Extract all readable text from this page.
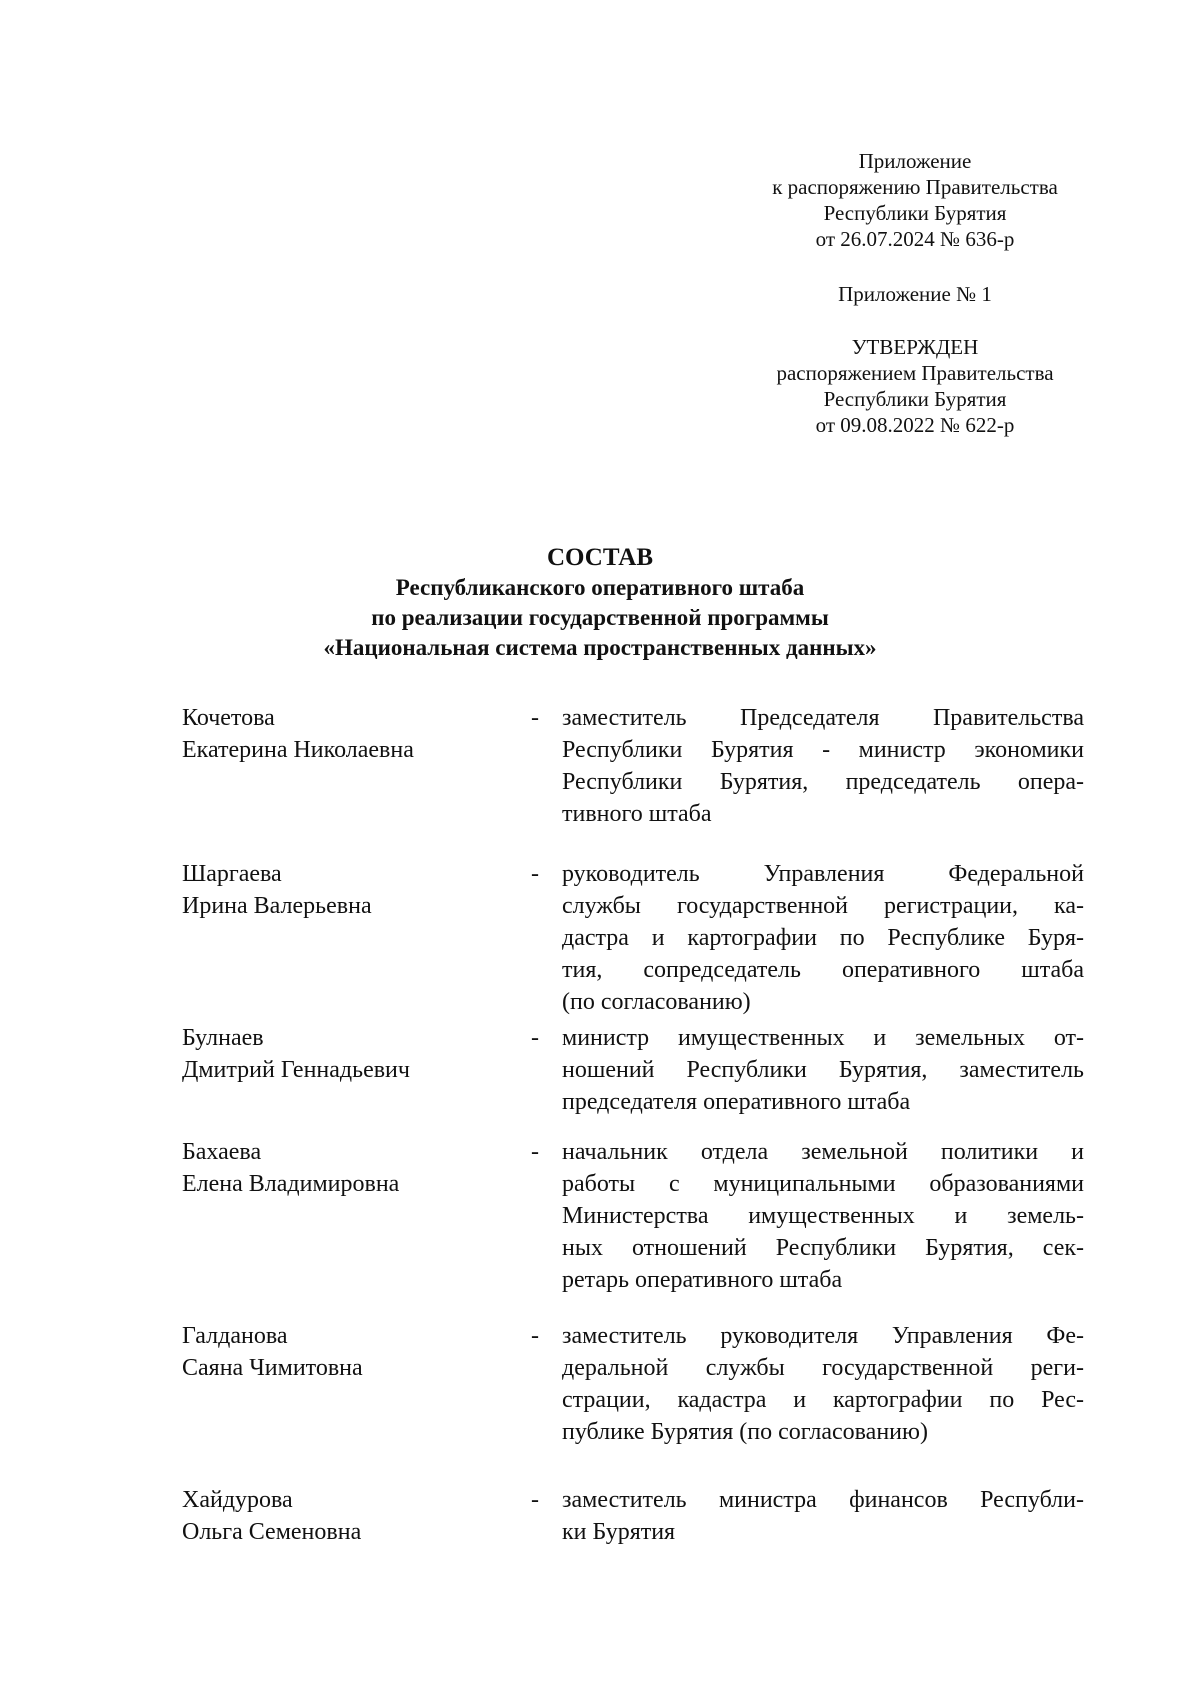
Приложение
к распоряжению Правительства
Республики Бурятия
от 26.07.2024 № 636-р
Приложение № 1
УТВЕРЖДЕН
распоряжением Правительства
Республики Бурятия
от 09.08.2022 № 622-р
СОСТАВ
Республиканского оперативного штаба
по реализации государственной программы
«Национальная система пространственных данных»
Кочетова
Екатерина Николаевна
- заместитель Председателя Правительства
Республики Бурятия - министр экономики
Республики Бурятия, председатель опера-
тивного штаба
Шаргаева
Ирина Валерьевна
- руководитель Управления Федеральной
службы государственной регистрации, ка-
дастра и картографии по Республике Буря-
тия, сопредседатель оперативного штаба
(по согласованию)
Булнаев
Дмитрий Геннадьевич
- министр имущественных и земельных от-
ношений Республики Бурятия, заместитель
председателя оперативного штаба
Бахаева
Елена Владимировна
- начальник отдела земельной политики и
работы с муниципальными образованиями
Министерства имущественных и земель-
ных отношений Республики Бурятия, сек-
ретарь оперативного штаба
Галданова
Саяна Чимитовна
- заместитель руководителя Управления Фе-
деральной службы государственной реги-
страции, кадастра и картографии по Рес-
публике Бурятия (по согласованию)
Хайдурова
Ольга Семеновна
- заместитель министра финансов Республи-
ки Бурятия
